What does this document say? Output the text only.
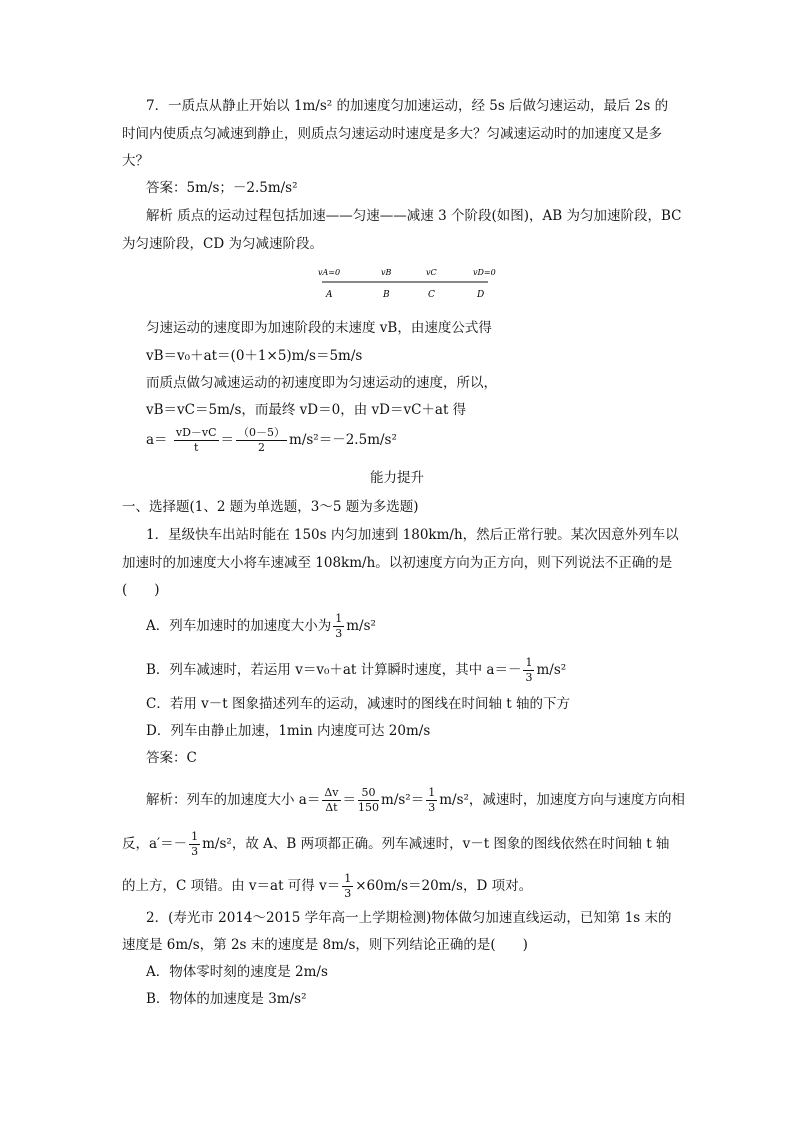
7．一质点从静止开始以 1m/s² 的加速度匀加速运动，经 5s 后做匀速运动，最后 2s 的
时间内使质点匀减速到静止，则质点匀速运动时速度是多大？匀减速运动时的加速度又是多
大？
答案：5m/s；－2.5m/s²
解析 质点的运动过程包括加速——匀速——减速 3 个阶段(如图)，AB 为匀加速阶段，BC
为匀速阶段，CD 为匀减速阶段。
vA=0	vB	vC	vD=0
A	B	C	D
匀速运动的速度即为加速阶段的末速度 vB，由速度公式得
vB＝v₀＋at＝(0＋1×5)m/s＝5m/s
而质点做匀减速运动的初速度即为匀速运动的速度，所以，
vB＝vC＝5m/s，而最终 vD＝0，由 vD＝vC＋at 得
$a= \frac{vD-vC}{t} = \frac{(0-5)}{2} m/s^2=-2.5m/s^2$
能力提升
一、选择题(1、2 题为单选题，3～5 题为多选题)
1．星级快车出站时能在 150s 内匀加速到 180km/h，然后正常行驶。某次因意外列车以
加速时的加速度大小将车速减至 108km/h。以初速度方向为正方向，则下列说法不正确的是
(　　)
A．列车加速时的加速度大小为 $\frac{1}{3} m/s^2$
B．列车减速时，若运用 v＝v₀＋at 计算瞬时速度，其中 $a=- \frac{1}{3} m/s^2$
C．若用 v－t 图象描述列车的运动，减速时的图线在时间轴 t 轴的下方
D．列车由静止加速，1min 内速度可达 20m/s
答案：C
解析：列车的加速度大小 $a= \frac{\Delta v}{\Delta t} = \frac{50}{150} m/s^2= \frac{1}{3} m/s^2$，减速时，加速度方向与速度方向相
反，$a'=- \frac{1}{3} m/s^2$，故 A、B 两项都正确。列车减速时，v－t 图象的图线依然在时间轴 t 轴
的上方，C 项错。由 v＝at 可得 $v= \frac{1}{3} \times 60m/s=20m/s$，D 项对。
2．(寿光市 2014～2015 学年高一上学期检测)物体做匀加速直线运动，已知第 1s 末的
速度是 6m/s，第 2s 末的速度是 8m/s，则下列结论正确的是(　　)
A．物体零时刻的速度是 2m/s
B．物体的加速度是 3m/s²
